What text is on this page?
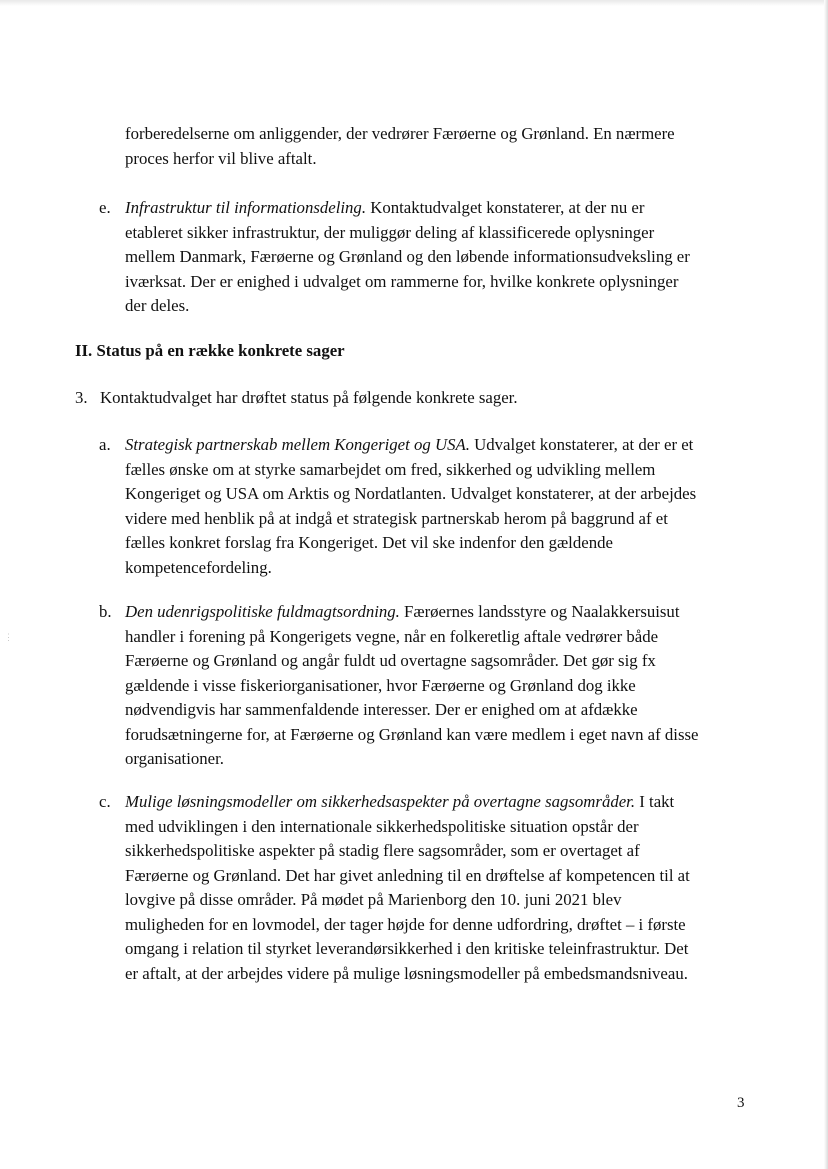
⋮

forberedelserne om anliggender, der vedrører Færøerne og Grønland. En nærmere

proces herfor vil blive aftalt.

e. Infrastruktur til informationsdeling. Kontaktudvalget konstaterer, at der nu er

etableret sikker infrastruktur, der muliggør deling af klassificerede oplysninger

mellem Danmark, Færøerne og Grønland og den løbende informationsudveksling er

iværksat. Der er enighed i udvalget om rammerne for, hvilke konkrete oplysninger

der deles.

II. Status på en række konkrete sager
3. Kontaktudvalget har drøftet status på følgende konkrete sager.

a. Strategisk partnerskab mellem Kongeriget og USA. Udvalget konstaterer, at der er et

fælles ønske om at styrke samarbejdet om fred, sikkerhed og udvikling mellem

Kongeriget og USA om Arktis og Nordatlanten. Udvalget konstaterer, at der arbejdes

videre med henblik på at indgå et strategisk partnerskab herom på baggrund af et

fælles konkret forslag fra Kongeriget. Det vil ske indenfor den gældende

kompetencefordeling.

b. Den udenrigspolitiske fuldmagtsordning. Færøernes landsstyre og Naalakkersuisut

handler i forening på Kongerigets vegne, når en folkeretlig aftale vedrører både

Færøerne og Grønland og angår fuldt ud overtagne sagsområder. Det gør sig fx

gældende i visse fiskeriorganisationer, hvor Færøerne og Grønland dog ikke

nødvendigvis har sammenfaldende interesser. Der er enighed om at afdække

forudsætningerne for, at Færøerne og Grønland kan være medlem i eget navn af disse

organisationer.

c. Mulige løsningsmodeller om sikkerhedsaspekter på overtagne sagsområder. I takt

med udviklingen i den internationale sikkerhedspolitiske situation opstår der

sikkerhedspolitiske aspekter på stadig flere sagsområder, som er overtaget af

Færøerne og Grønland. Det har givet anledning til en drøftelse af kompetencen til at

lovgive på disse områder. På mødet på Marienborg den 10. juni 2021 blev

muligheden for en lovmodel, der tager højde for denne udfordring, drøftet – i første

omgang i relation til styrket leverandørsikkerhed i den kritiske teleinfrastruktur. Det

er aftalt, at der arbejdes videre på mulige løsningsmodeller på embedsmandsniveau.

3
